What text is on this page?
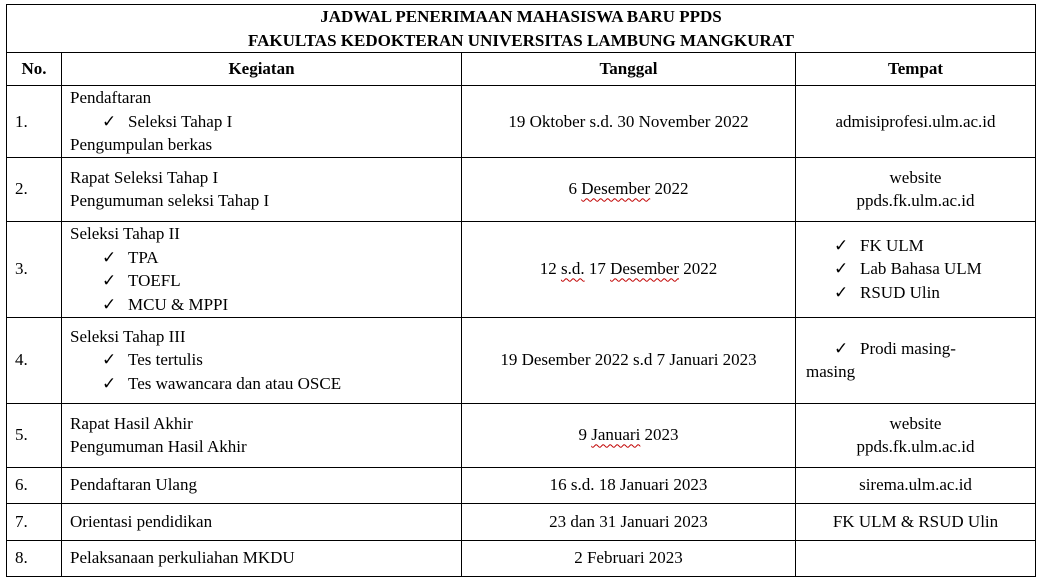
JADWAL PENERIMAAN MAHASISWA BARU PPDS
FAKULTAS KEDOKTERAN UNIVERSITAS LAMBUNG MANGKURAT			

No.	Kegiatan	Tanggal	Tempat
1.	Pendaftaran
✓ Seleksi Tahap I
Pengumpulan berkas	19 Oktober s.d. 30 November 2022	admisiprofesi.ulm.ac.id
2.	Rapat Seleksi Tahap I
Pengumuman seleksi Tahap I	6 Desember 2022	website
ppds.fk.ulm.ac.id

3.	Seleksi Tahap II
✓ TPA
✓ TOEFL
✓ MCU & MPPI	12 s.d. 17 Desember 2022	✓ FK ULM
✓ Lab Bahasa ULM
✓ RSUD Ulin

4.	Seleksi Tahap III
✓ Tes tertulis
✓ Tes wawancara dan atau OSCE	19 Desember 2022 s.d 7 Januari 2023	✓ Prodi masing-
masing

5.	Rapat Hasil Akhir
Pengumuman Hasil Akhir	9 Januari 2023	website
ppds.fk.ulm.ac.id

6.	Pendaftaran Ulang	16 s.d. 18 Januari 2023	sirema.ulm.ac.id
7.	Orientasi pendidikan	23 dan 31 Januari 2023	FK ULM & RSUD Ulin
8.	Pelaksanaan perkuliahan MKDU	2 Februari 2023	
